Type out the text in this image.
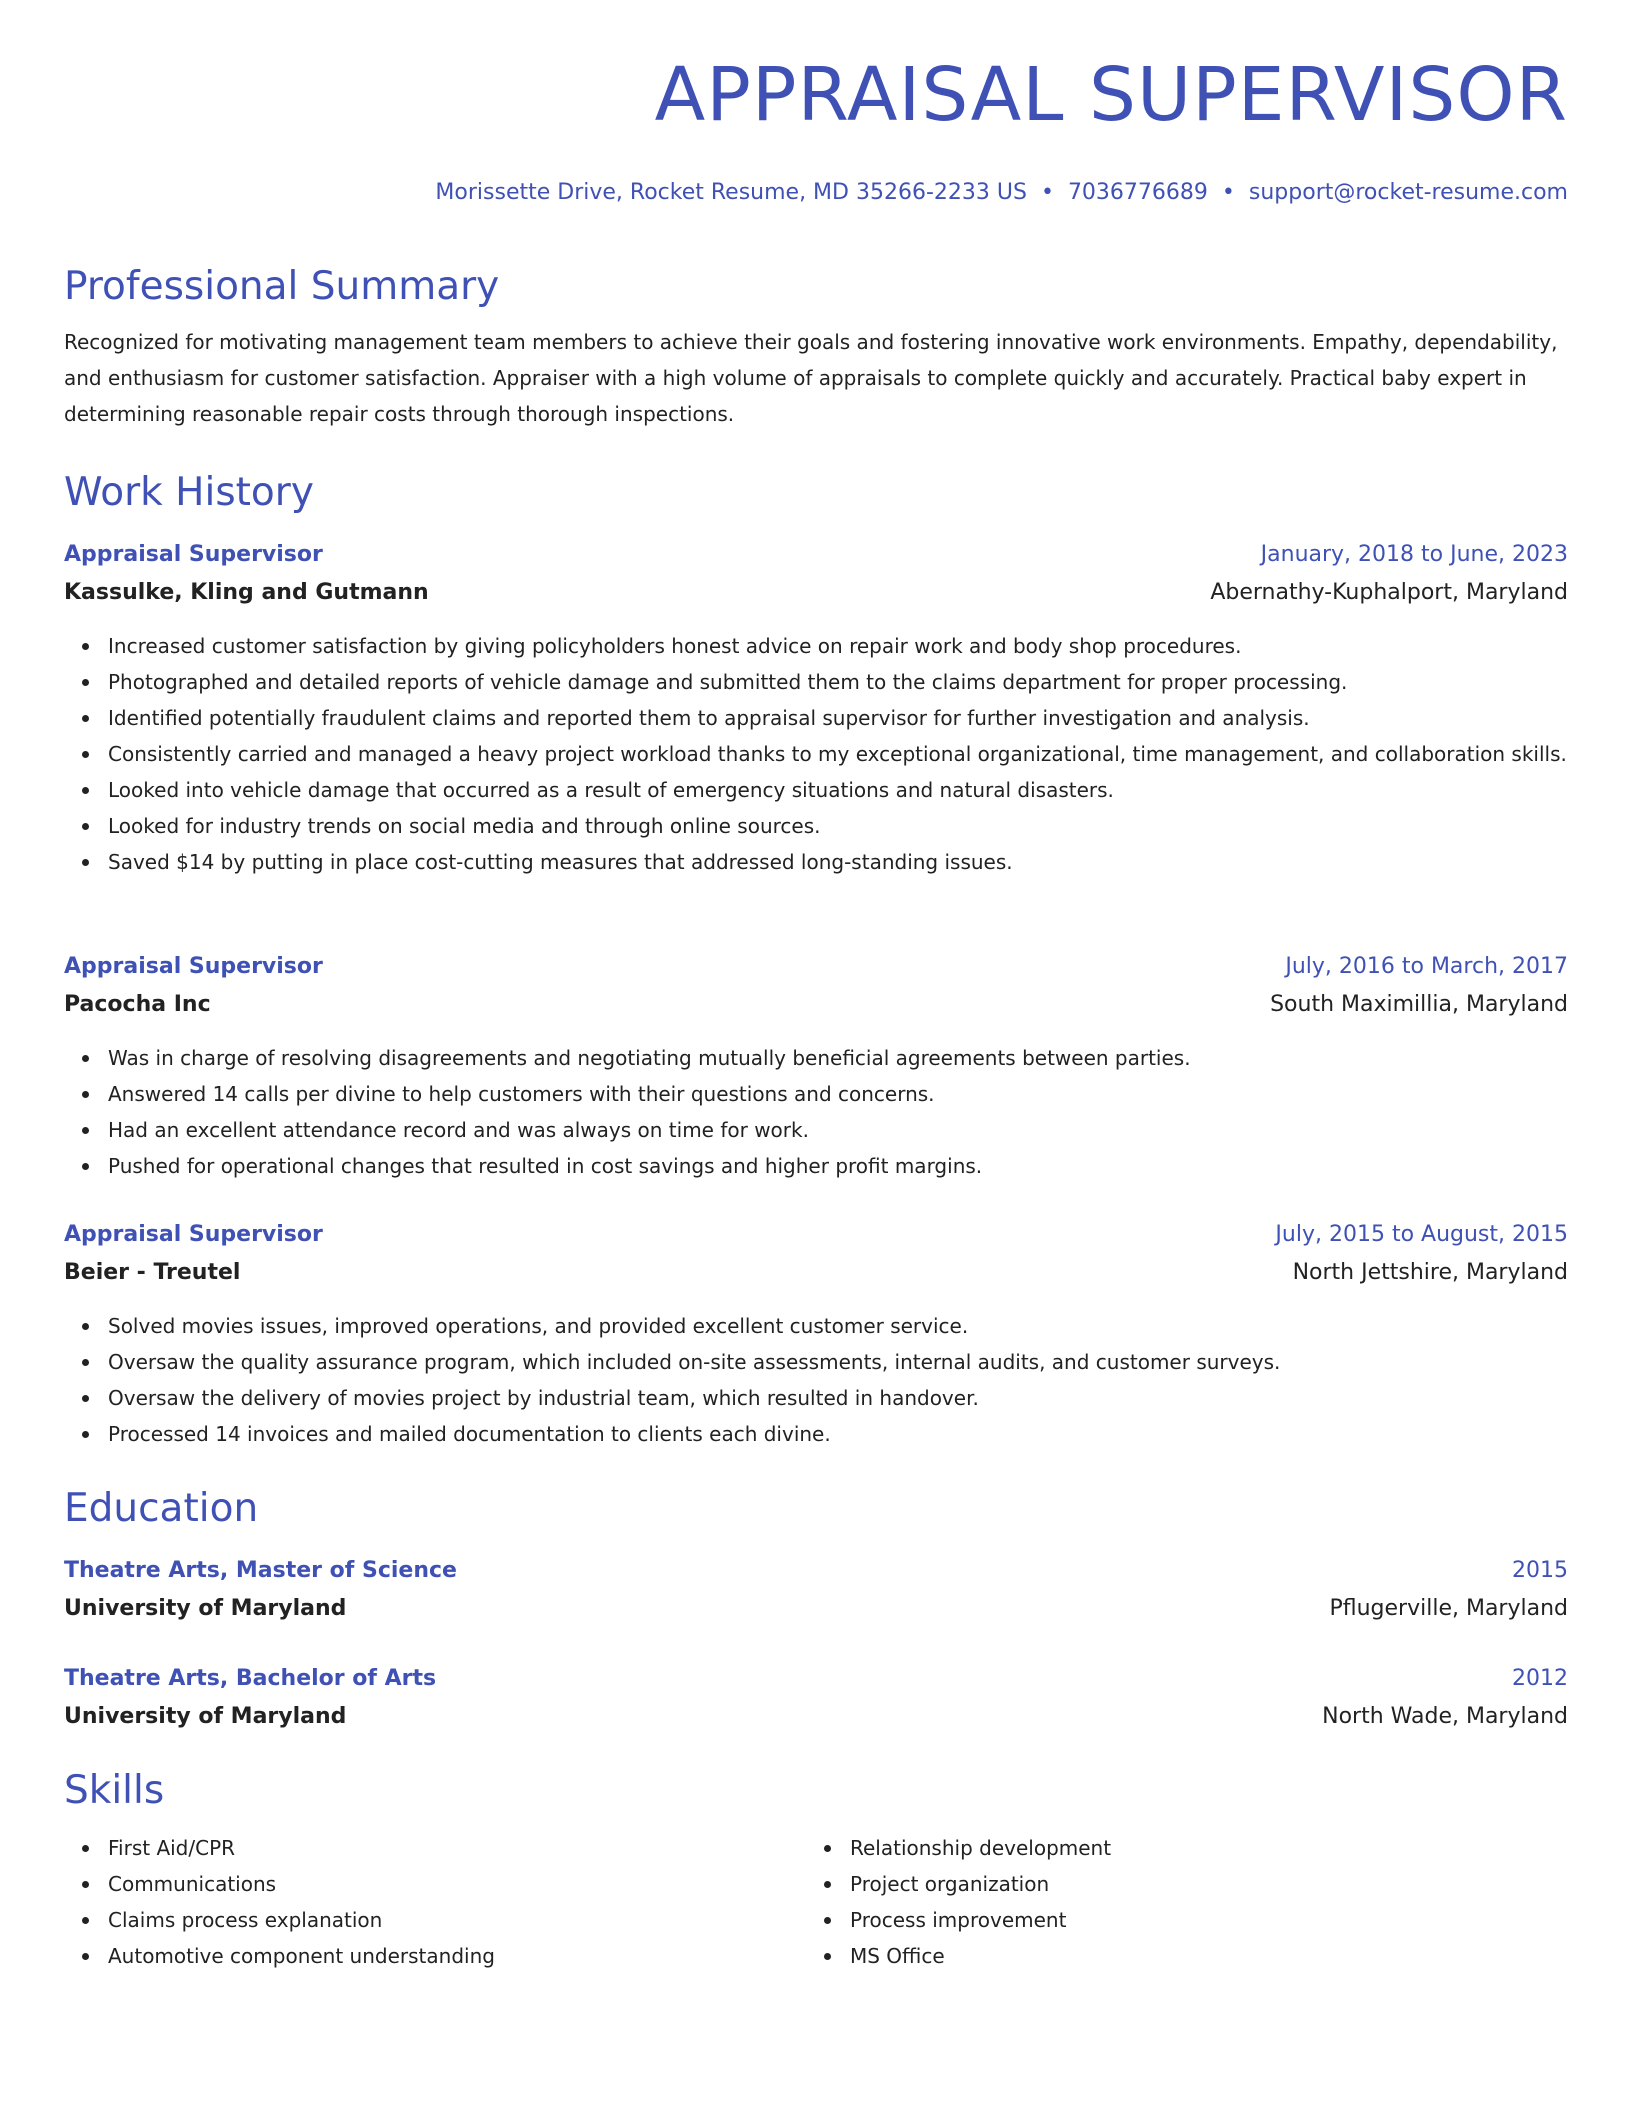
APPRAISAL SUPERVISOR
Morissette Drive, Rocket Resume, MD 35266-2233 US • 7036776689 • support@rocket-resume.com
Professional Summary

Recognized for motivating management team members to achieve their goals and fostering innovative work environments. Empathy, dependability, and enthusiasm for customer satisfaction. Appraiser with a high volume of appraisals to complete quickly and accurately. Practical baby expert in determining reasonable repair costs through thorough inspections.

Work History
Appraisal Supervisor	January, 2018 to June, 2023
Kassulke, Kling and Gutmann	Abernathy-Kuphalport, Maryland
Increased customer satisfaction by giving policyholders honest advice on repair work and body shop procedures.
Photographed and detailed reports of vehicle damage and submitted them to the claims department for proper processing.
Identified potentially fraudulent claims and reported them to appraisal supervisor for further investigation and analysis.
Consistently carried and managed a heavy project workload thanks to my exceptional organizational, time management, and collaboration skills.
Looked into vehicle damage that occurred as a result of emergency situations and natural disasters.
Looked for industry trends on social media and through online sources.
Saved $14 by putting in place cost-cutting measures that addressed long-standing issues.
Appraisal Supervisor	July, 2016 to March, 2017
Pacocha Inc	South Maximillia, Maryland
Was in charge of resolving disagreements and negotiating mutually beneficial agreements between parties.
Answered 14 calls per divine to help customers with their questions and concerns.
Had an excellent attendance record and was always on time for work.
Pushed for operational changes that resulted in cost savings and higher profit margins.
Appraisal Supervisor	July, 2015 to August, 2015
Beier - Treutel	North Jettshire, Maryland
Solved movies issues, improved operations, and provided excellent customer service.
Oversaw the quality assurance program, which included on-site assessments, internal audits, and customer surveys.
Oversaw the delivery of movies project by industrial team, which resulted in handover.
Processed 14 invoices and mailed documentation to clients each divine.
Education
Theatre Arts, Master of Science	2015
University of Maryland	Pflugerville, Maryland
Theatre Arts, Bachelor of Arts	2012
University of Maryland	North Wade, Maryland
Skills
First Aid/CPR
Communications
Claims process explanation
Automotive component understanding
Relationship development
Project organization
Process improvement
MS Office
